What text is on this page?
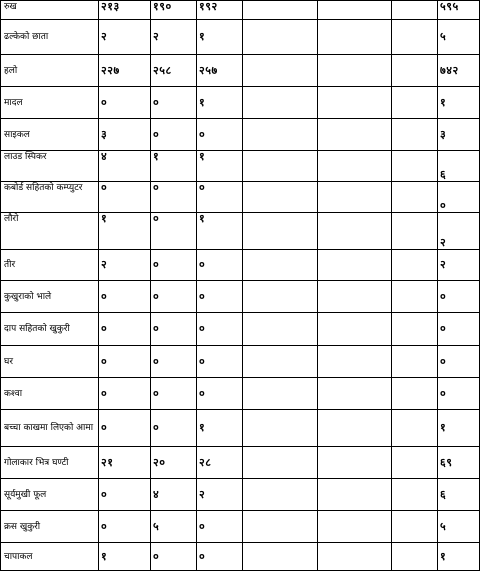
रुख	२१३	१९०	१९२				५९५
ढल्केको छाता	२	२	१				५
हलो	२२७	२५८	२५७				७४२
मादल	०	०	१				१
साइकल	३	०	०				३
लाउड स्पिकर	४	१	१				६
कबोर्ड सहितको कम्प्युटर	०	०	०				०
लौरो	१	०	१				२
तीर	२	०	०				२
कुखुराको भाले	०	०	०				०
दाप सहितको खुकुरी	०	०	०				०
घर	०	०	०				०
कश्वा	०	०	०				०
बच्चा काखमा लिएको आमा	०	०	१				१
गोलाकार भित्र घण्टी	२१	२०	२८				६९
सूर्यमुखी फूल	०	४	२				६
क्रस खुकुरी	०	५	०				५
चापाकल	१	०	०				१
